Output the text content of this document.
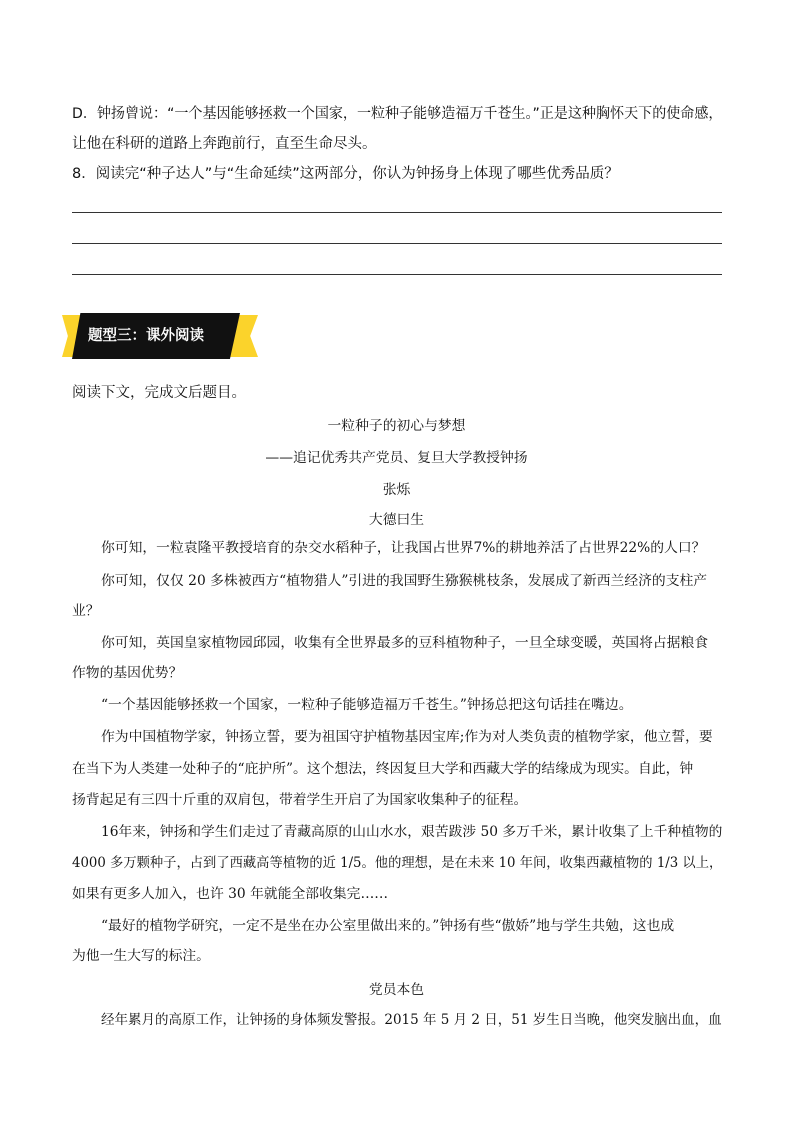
D．钟扬曾说：“一个基因能够拯救一个国家，一粒种子能够造福万千苍生。”正是这种胸怀天下的使命感，
让他在科研的道路上奔跑前行，直至生命尽头。
8．阅读完“种子达人”与“生命延续”这两部分，你认为钟扬身上体现了哪些优秀品质？
题型三：课外阅读
阅读下文，完成文后题目。
一粒种子的初心与梦想
——追记优秀共产党员、复旦大学教授钟扬
张烁
大德曰生
你可知，一粒袁隆平教授培育的杂交水稻种子，让我国占世界7%的耕地养活了占世界22%的人口？
你可知，仅仅 20 多株被西方“植物猎人”引进的我国野生猕猴桃枝条，发展成了新西兰经济的支柱产
业？
你可知，英国皇家植物园邱园，收集有全世界最多的豆科植物种子，一旦全球变暖，英国将占据粮食
作物的基因优势？
“一个基因能够拯救一个国家，一粒种子能够造福万千苍生。”钟扬总把这句话挂在嘴边。
作为中国植物学家，钟扬立誓，要为祖国守护植物基因宝库;作为对人类负责的植物学家，他立誓，要
在当下为人类建一处种子的“庇护所”。这个想法，终因复旦大学和西藏大学的结缘成为现实。自此，钟
扬背起足有三四十斤重的双肩包，带着学生开启了为国家收集种子的征程。
16年来，钟扬和学生们走过了青藏高原的山山水水，艰苦跋涉 50 多万千米，累计收集了上千种植物的
4000 多万颗种子，占到了西藏高等植物的近 1/5。他的理想，是在未来 10 年间，收集西藏植物的 1/3 以上，
如果有更多人加入，也许 30 年就能全部收集完……
“最好的植物学研究，一定不是坐在办公室里做出来的。”钟扬有些“傲娇”地与学生共勉，这也成
为他一生大写的标注。
党员本色
经年累月的高原工作，让钟扬的身体频发警报。2015 年 5 月 2 日，51 岁生日当晚，他突发脑出血，血
